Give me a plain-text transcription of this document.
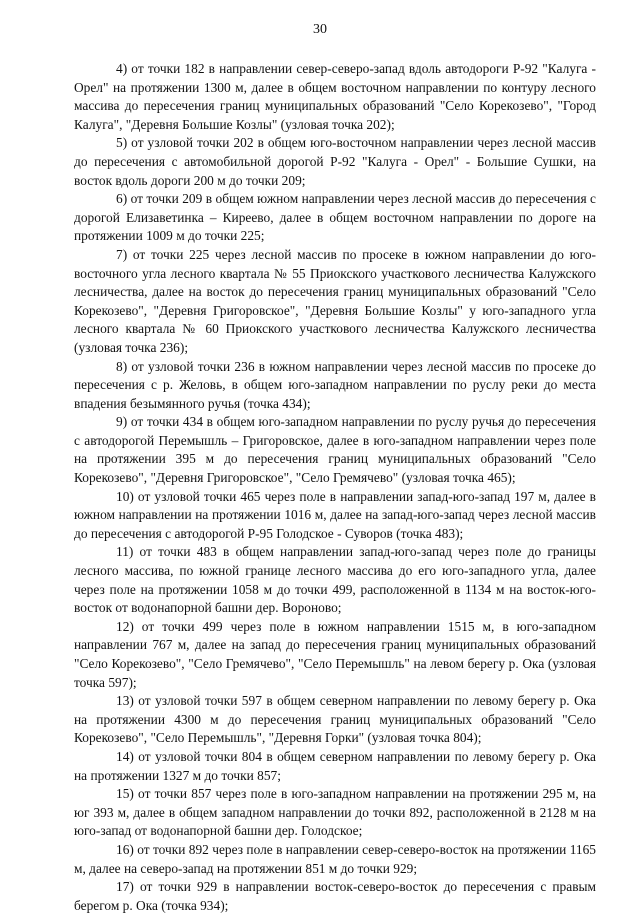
30

4) от точки 182 в направлении север-северо-запад вдоль автодороги Р-92 "Калуга - Орел" на протяжении 1300 м, далее в общем восточном направлении по контуру лесного массива до пересечения границ муниципальных образований "Село Корекозево", "Город Калуга", "Деревня Большие Козлы" (узловая точка 202);

5) от узловой точки 202 в общем юго-восточном направлении через лесной массив до пересечения с автомобильной дорогой Р-92 "Калуга - Орел" - Большие Сушки, на восток вдоль дороги 200 м до точки 209;

6) от точки 209 в общем южном направлении через лесной массив до пересечения с дорогой Елизаветинка – Киреево, далее в общем восточном направлении по дороге на протяжении 1009 м до точки 225;

7) от точки 225 через лесной массив по просеке в южном направлении до юго-восточного угла лесного квартала № 55 Приокского участкового лесничества Калужского лесничества, далее на восток до пересечения границ муниципальных образований "Село Корекозево", "Деревня Григоровское", "Деревня Большие Козлы" у юго-западного угла лесного квартала № 60 Приокского участкового лесничества Калужского лесничества (узловая точка 236);

8) от узловой точки 236 в южном направлении через лесной массив по просеке до пересечения с р. Желовь, в общем юго-западном направлении по руслу реки до места впадения безымянного ручья (точка 434);

9) от точки 434 в общем юго-западном направлении по руслу ручья до пересечения с автодорогой Перемышль – Григоровское, далее в юго-западном направлении через поле на протяжении 395 м до пересечения границ муниципальных образований "Село Корекозево", "Деревня Григоровское", "Село Гремячево" (узловая точка 465);

10) от узловой точки 465 через поле в направлении запад-юго-запад 197 м, далее в южном направлении на протяжении 1016 м, далее на запад-юго-запад через лесной массив до пересечения с автодорогой Р-95 Голодское - Суворов (точка 483);

11) от точки 483 в общем направлении запад-юго-запад через поле до границы лесного массива, по южной границе лесного массива до его юго-западного угла, далее через поле на протяжении 1058 м до точки 499, расположенной в 1134 м на восток-юго-восток от водонапорной башни дер. Вороново;

12) от точки 499 через поле в южном направлении 1515 м, в юго-западном направлении 767 м, далее на запад до пересечения границ муниципальных образований "Село Корекозево", "Село Гремячево", "Село Перемышль" на левом берегу р. Ока (узловая точка 597);

13) от узловой точки 597 в общем северном направлении по левому берегу р. Ока на протяжении 4300 м до пересечения границ муниципальных образований "Село Корекозево", "Село Перемышль", "Деревня Горки" (узловая точка 804);

14) от узловой точки 804 в общем северном направлении по левому берегу р. Ока на протяжении 1327 м до точки 857;

15) от точки 857 через поле в юго-западном направлении на протяжении 295 м, на юг 393 м, далее в общем западном направлении до точки 892, расположенной в 2128 м на юго-запад от водонапорной башни дер. Голодское;

16) от точки 892 через поле в направлении север-северо-восток на протяжении 1165 м, далее на северо-запад на протяжении 851 м до точки 929;

17) от точки 929 в направлении восток-северо-восток до пересечения с правым берегом р. Ока (точка 934);
